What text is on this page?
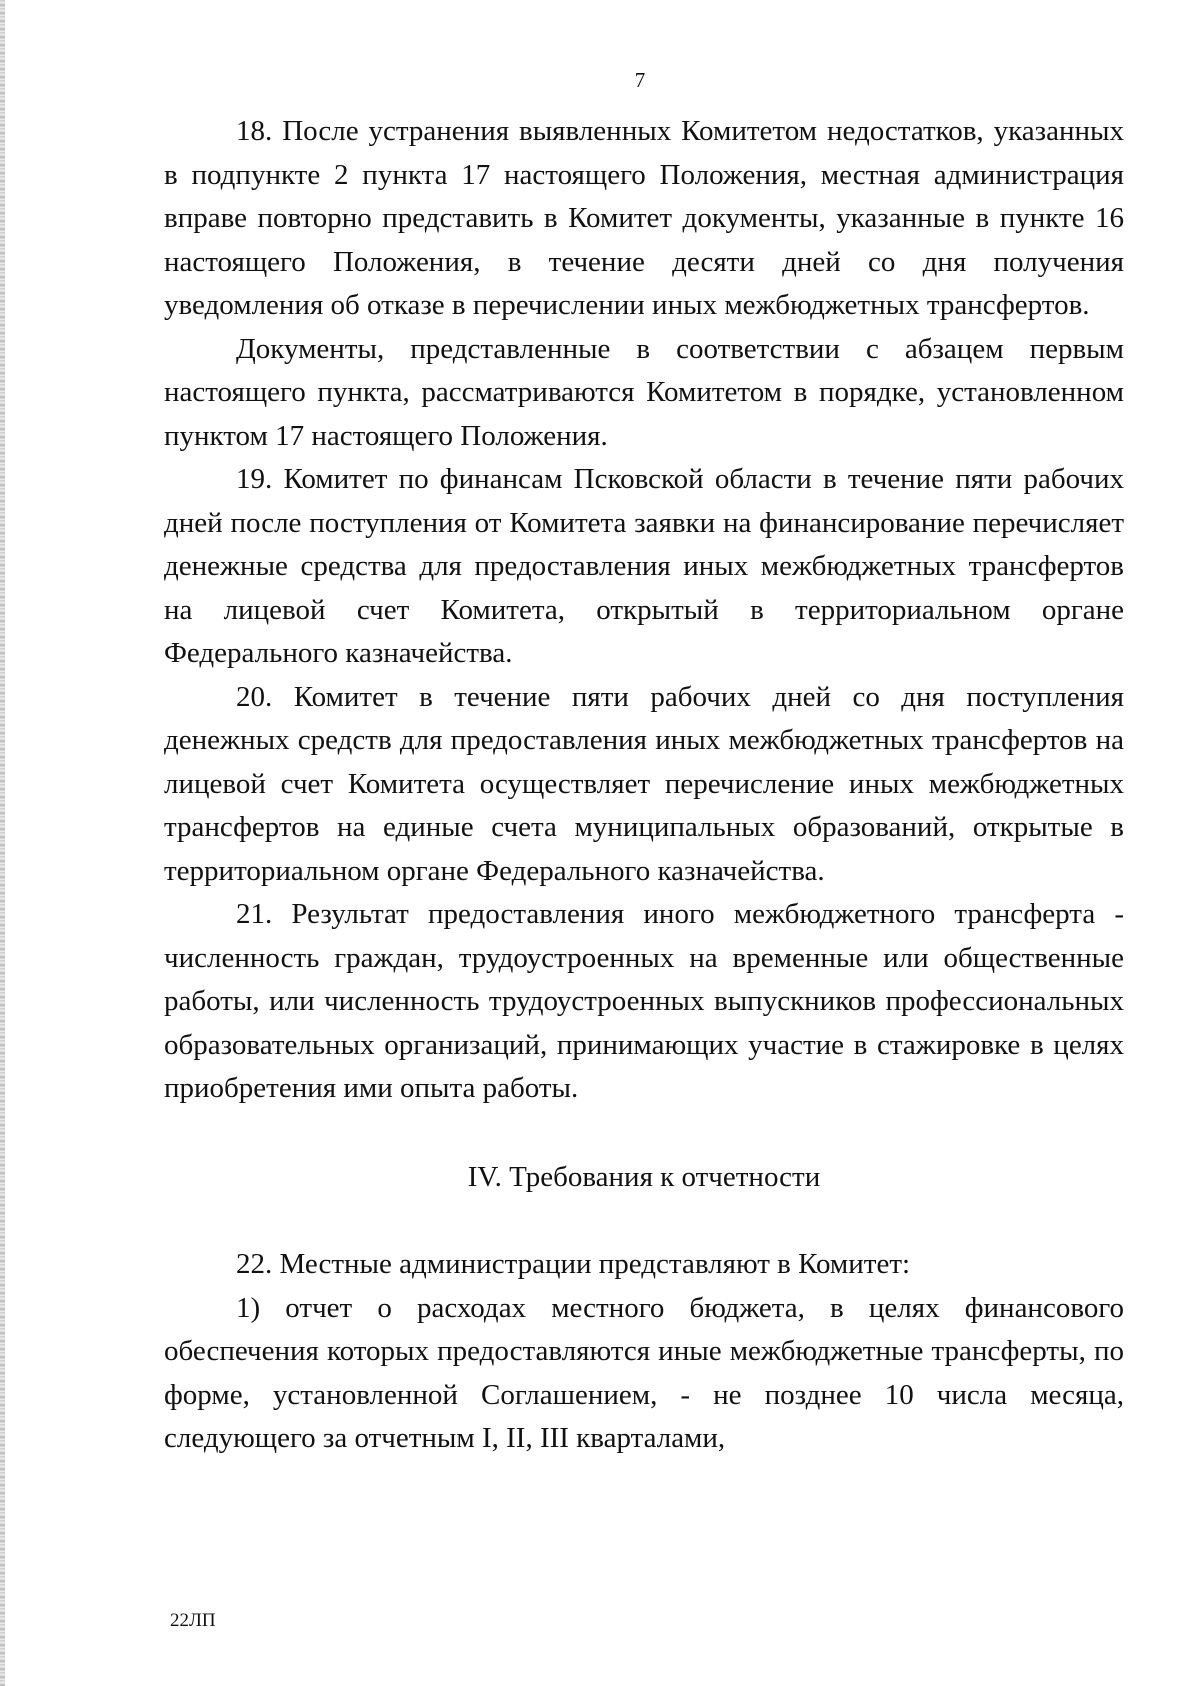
7

18. После устранения выявленных Комитетом недостатков, указанных в подпункте 2 пункта 17 настоящего Положения, местная администрация вправе повторно представить в Комитет документы, указанные в пункте 16 настоящего Положения, в течение десяти дней со дня получения уведомления об отказе в перечислении иных межбюджетных трансфертов.

Документы, представленные в соответствии с абзацем первым настоящего пункта, рассматриваются Комитетом в порядке, установленном пунктом 17 настоящего Положения.

19. Комитет по финансам Псковской области в течение пяти рабочих дней после поступления от Комитета заявки на финансирование перечисляет денежные средства для предоставления иных межбюджетных трансфертов на лицевой счет Комитета, открытый в территориальном органе Федерального казначейства.

20. Комитет в течение пяти рабочих дней со дня поступления денежных средств для предоставления иных межбюджетных трансфертов на лицевой счет Комитета осуществляет перечисление иных межбюджетных трансфертов на единые счета муниципальных образований, открытые в территориальном органе Федерального казначейства.

21. Результат предоставления иного межбюджетного трансферта - численность граждан, трудоустроенных на временные или общественные работы, или численность трудоустроенных выпускников профессиональных образовательных организаций, принимающих участие в стажировке в целях приобретения ими опыта работы.

IV. Требования к отчетности

22. Местные администрации представляют в Комитет:

1) отчет о расходах местного бюджета, в целях финансового обеспечения которых предоставляются иные межбюджетные трансферты, по форме, установленной Соглашением, - не позднее 10 числа месяца, следующего за отчетным I, II, III кварталами,

22ЛП
